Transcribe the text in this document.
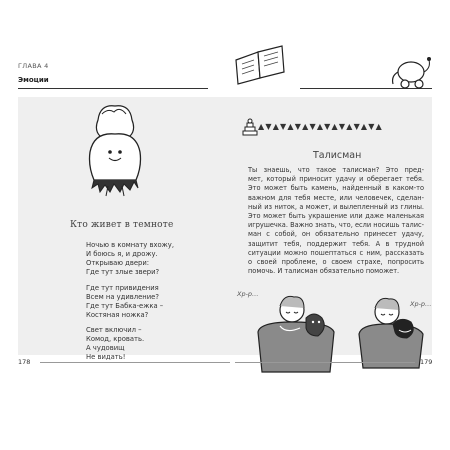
ГЛАВА 4
Эмоции
Кто живет в темноте
Ночью в комнату вхожу,
И боюсь я, и дрожу.
Открываю двери:
Где тут злые звери?
Где тут привидения
Всем на удивление?
Где тут Бабка-ежка –
Костяная ножка?
Свет включил –
Комод, кровать.
А чудовищ
Не видать!
▲▼▲▼▲▼▲▼▲▼▲▼▲▼▲▼▲
Талисман
Ты знаешь, что такое талисман? Это пред-
мет, который приносит удачу и оберегает тебя.
Это может быть камень, найденный в каком-то
важном для тебя месте, или человечек, сделан-
ный из ниток, а может, и вылепленный из глины.
Это может быть украшение или даже маленькая
игрушечка. Важно знать, что, если носишь талис-
ман с собой, он обязательно принесет удачу,
защитит тебя, поддержит тебя. А в трудной
ситуации можно пошептаться с ним, рассказать
о своей проблеме, о своем страхе, попросить
помочь. И талисман обязательно поможет.
Хр-р…
Хр-р…
178	179
